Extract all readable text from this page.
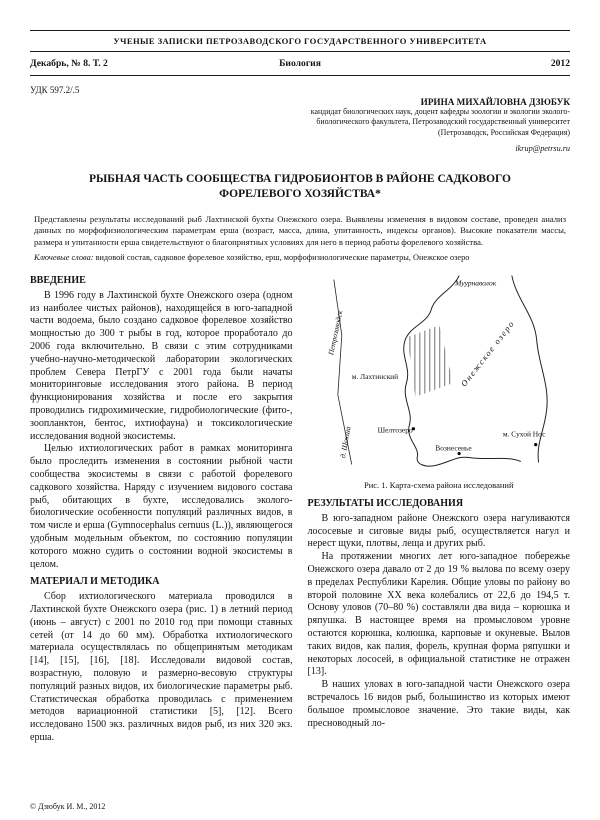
УЧЕНЫЕ ЗАПИСКИ ПЕТРОЗАВОДСКОГО ГОСУДАРСТВЕННОГО УНИВЕРСИТЕТА
Декабрь, № 8. Т. 2	Биология	2012
УДК 597.2/.5
ИРИНА МИХАЙЛОВНА ДЗЮБУК
кандидат биологических наук, доцент кафедры зоологии и экологии эколого-биологического факультета, Петрозаводский государственный университет (Петрозаводск, Российская Федерация)
ikrup@petrsu.ru
РЫБНАЯ ЧАСТЬ СООБЩЕСТВА ГИДРОБИОНТОВ В РАЙОНЕ САДКОВОГО ФОРЕЛЕВОГО ХОЗЯЙСТВА*

Представлены результаты исследований рыб Лахтинской бухты Онежского озера. Выявлены изменения в видовом составе, проведен анализ данных по морфофизиологическим параметрам ерша (возраст, масса, длина, упитанность, индексы органов). Высокие показатели массы, размера и упитанности ерша свидетельствуют о благоприятных условиях для него в период работы форелевого хозяйства.

Ключевые слова: видовой состав, садковое форелевое хозяйство, ерш, морфофизиологические параметры, Онежское озеро

ВВЕДЕНИЕ

В 1996 году в Лахтинской бухте Онежского озера (одном из наиболее чистых районов), находящейся в юго-западной части водоема, было создано садковое форелевое хозяйство мощностью до 300 т рыбы в год, которое проработало до 2006 года включительно. В связи с этим сотрудниками учебно-научно-методической лаборатории экологических проблем Севера ПетрГУ с 2001 года были начаты мониторинговые исследования этого района. В период функционирования хозяйства и после его закрытия проводились гидрохимические, гидробиологические (фито-, зоопланктон, бентос, ихтиофауна) и токсикологические исследования водной экосистемы.

Целью ихтиологических работ в рамках мониторинга было проследить изменения в состоянии рыбной части сообщества экосистемы в связи с работой форелевого садкового хозяйства. Наряду с изучением видового состава рыб, обитающих в бухте, исследовались эколого-биологические особенности популяций различных видов, в том числе и ерша (Gymnocephalus cernuus (L.)), являющегося удобным модельным объектом, по состоянию популяции которого можно судить о состоянии водной экосистемы в целом.

МАТЕРИАЛ И МЕТОДИКА

Сбор ихтиологического материала проводился в Лахтинской бухте Онежского озера (рис. 1) в летний период (июнь – август) с 2001 по 2010 год при помощи ставных сетей (от 14 до 60 мм). Обработка ихтиологического материала осуществлялась по общепринятым методикам [14], [15], [16], [18]. Исследовали видовой состав, возрастную, половую и размерно-весовую структуры популяций разных видов, их биологические параметры рыб. Статистическая обработка проводилась с применением методов вариационной статистики [5], [12]. Всего исследовано 1500 экз. различных видов рыб, из них 320 экз. ерша.

Муурнаволок
Онежское озеро
м. Лахтинский
Петрозаводск
д. Шокша	Шелтозеро
Вознесенье
м. Сухой Нос
Рис. 1. Карта-схема района исследований
РЕЗУЛЬТАТЫ ИССЛЕДОВАНИЯ

В юго-западном районе Онежского озера нагуливаются лососевые и сиговые виды рыб, осуществляется нагул и нерест щуки, плотвы, леща и других рыб.

На протяжении многих лет юго-западное побережье Онежского озера давало от 2 до 19 % вылова по всему озеру в пределах Республики Карелия. Общие уловы по району во второй половине XX века колебались от 22,6 до 194,5 т. Основу уловов (70–80 %) составляли два вида – корюшка и ряпушка. В настоящее время на промысловом уровне остаются корюшка, колюшка, карповые и окуневые. Вылов таких видов, как палия, форель, крупная форма ряпушки и некоторых лососей, в официальной статистике не отражен [13].

В наших уловах в юго-западной части Онежского озера встречалось 16 видов рыб, большинство из которых имеют большое промысловое значение. Это такие виды, как пресноводный ло-

© Дзюбук И. М., 2012
